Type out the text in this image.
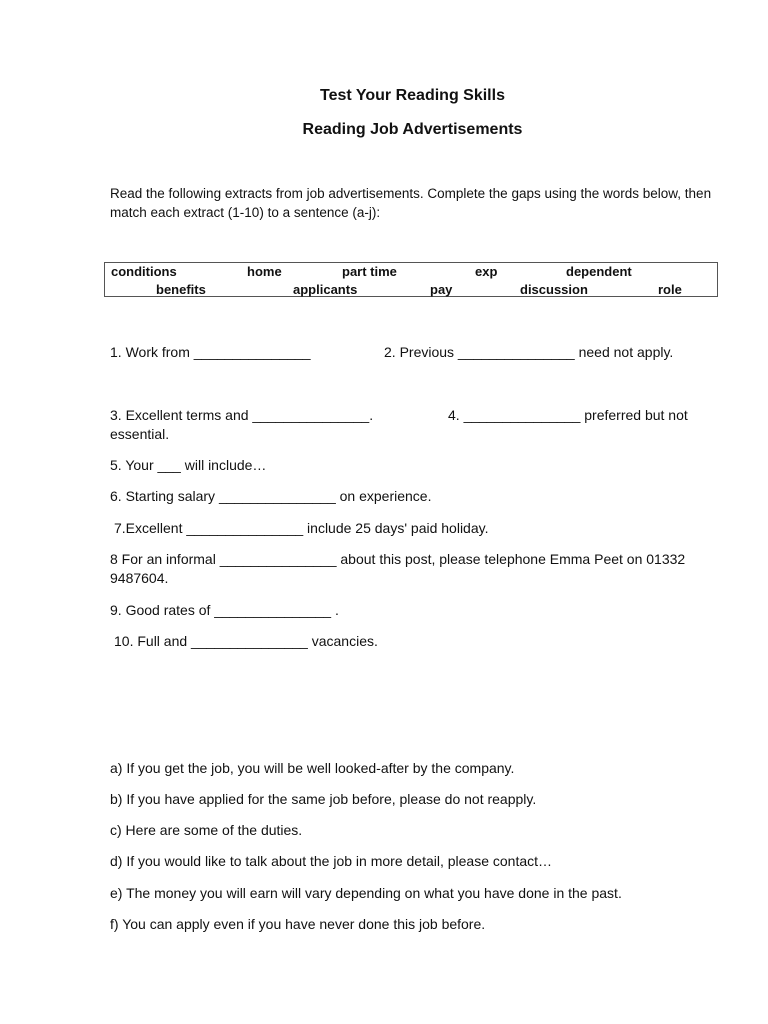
Test Your Reading Skills
Reading Job Advertisements
Read the following extracts from job advertisements. Complete the gaps using the words below, then match each extract (1-10) to a sentence (a-j):
conditions	home	part time	exp	dependent
benefits	applicants	pay	discussion	role
1. Work from _______________	2. Previous _______________ need not apply.
3. Excellent terms and _______________.	4. _______________ preferred but not
essential.
5. Your ___ will include…
6. Starting salary _______________ on experience.
7.Excellent _______________ include 25 days' paid holiday.
8 For an informal _______________ about this post, please telephone Emma Peet on 01332 9487604.
9. Good rates of _______________ .
10. Full and _______________ vacancies.
a) If you get the job, you will be well looked-after by the company.
b) If you have applied for the same job before, please do not reapply.
c) Here are some of the duties.
d) If you would like to talk about the job in more detail, please contact…
e) The money you will earn will vary depending on what you have done in the past.
f) You can apply even if you have never done this job before.
